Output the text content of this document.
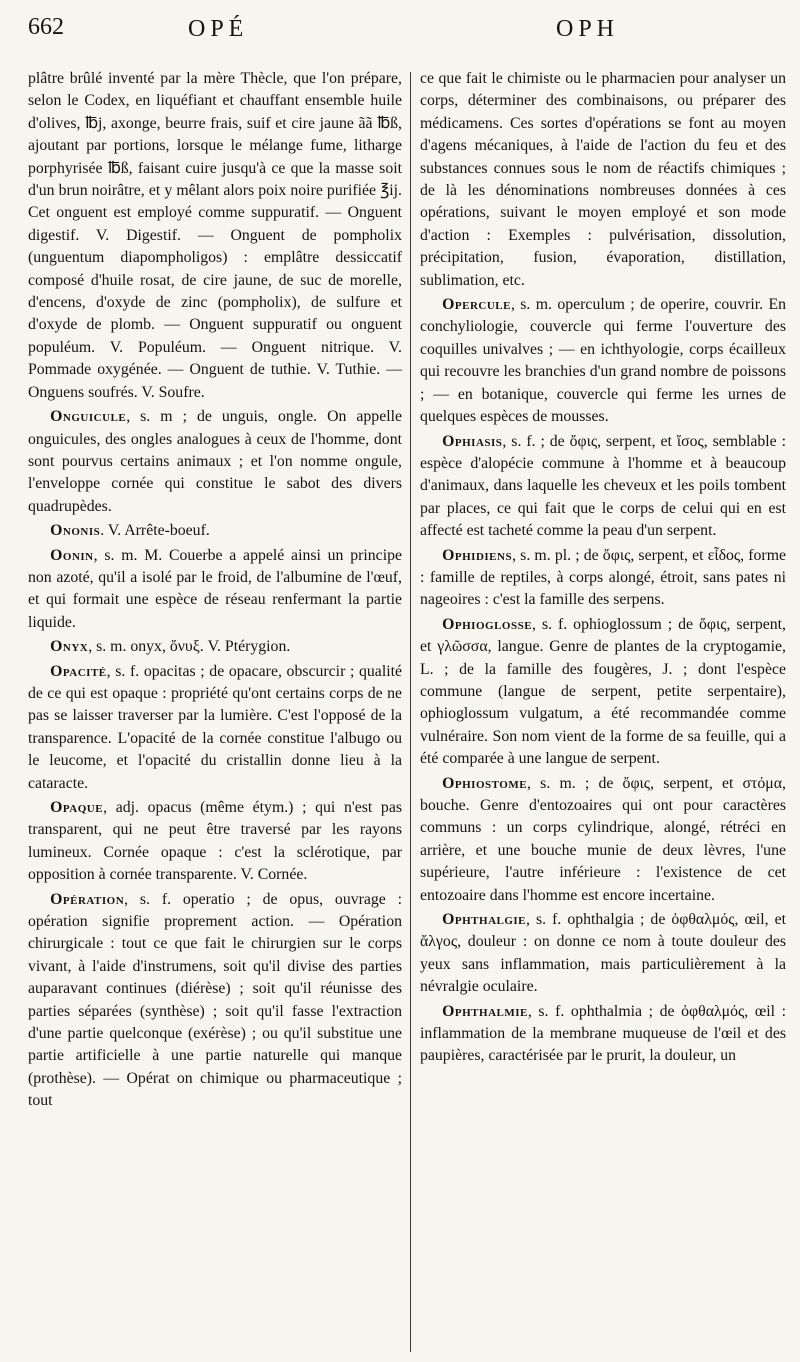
662	OPÉ	OPH

plâtre brûlé inventé par la mère Thècle, que l'on prépare, selon le Codex, en liquéfiant et chauffant ensemble huile d'olives, ℔j, axonge, beurre frais, suif et cire jaune ãã ℔ß, ajoutant par portions, lorsque le mélange fume, litharge porphyrisée ℔ß, faisant cuire jusqu'à ce que la masse soit d'un brun noirâtre, et y mêlant alors poix noire purifiée ℥ij. Cet onguent est employé comme suppuratif. — Onguent digestif. V. Digestif. — Onguent de pompholix (unguentum diapompholigos) : emplâtre dessiccatif composé d'huile rosat, de cire jaune, de suc de morelle, d'encens, d'oxyde de zinc (pompholix), de sulfure et d'oxyde de plomb. — Onguent suppuratif ou onguent populéum. V. Populéum. — Onguent nitrique. V. Pommade oxygénée. — Onguent de tuthie. V. Tuthie. — Onguens soufrés. V. Soufre.

Onguicule, s. m ; de unguis, ongle. On appelle onguicules, des ongles analogues à ceux de l'homme, dont sont pourvus certains animaux ; et l'on nomme ongule, l'enveloppe cornée qui constitue le sabot des divers quadrupèdes.

Ononis. V. Arrête-boeuf.

Oonin, s. m. M. Couerbe a appelé ainsi un principe non azoté, qu'il a isolé par le froid, de l'albumine de l'œuf, et qui formait une espèce de réseau renfermant la partie liquide.

Onyx, s. m. onyx, ὄνυξ. V. Ptérygion.

Opacité, s. f. opacitas ; de opacare, obscurcir ; qualité de ce qui est opaque : propriété qu'ont certains corps de ne pas se laisser traverser par la lumière. C'est l'opposé de la transparence. L'opacité de la cornée constitue l'albugo ou le leucome, et l'opacité du cristallin donne lieu à la cataracte.

Opaque, adj. opacus (même étym.) ; qui n'est pas transparent, qui ne peut être traversé par les rayons lumineux. Cornée opaque : c'est la sclérotique, par opposition à cornée transparente. V. Cornée.

Opération, s. f. operatio ; de opus, ouvrage : opération signifie proprement action. — Opération chirurgicale : tout ce que fait le chirurgien sur le corps vivant, à l'aide d'instrumens, soit qu'il divise des parties auparavant continues (diérèse) ; soit qu'il réunisse des parties séparées (synthèse) ; soit qu'il fasse l'extraction d'une partie quelconque (exérèse) ; ou qu'il substitue une partie artificielle à une partie naturelle qui manque (prothèse). — Opérat on chimique ou pharmaceutique ; tout

ce que fait le chimiste ou le pharmacien pour analyser un corps, déterminer des combinaisons, ou préparer des médicamens. Ces sortes d'opérations se font au moyen d'agens mécaniques, à l'aide de l'action du feu et des substances connues sous le nom de réactifs chimiques ; de là les dénominations nombreuses données à ces opérations, suivant le moyen employé et son mode d'action : Exemples : pulvérisation, dissolution, précipitation, fusion, évaporation, distillation, sublimation, etc.

Opercule, s. m. operculum ; de operire, couvrir. En conchyliologie, couvercle qui ferme l'ouverture des coquilles univalves ; — en ichthyologie, corps écailleux qui recouvre les branchies d'un grand nombre de poissons ; — en botanique, couvercle qui ferme les urnes de quelques espèces de mousses.

Ophiasis, s. f. ; de ὄφις, serpent, et ἴσος, semblable : espèce d'alopécie commune à l'homme et à beaucoup d'animaux, dans laquelle les cheveux et les poils tombent par places, ce qui fait que le corps de celui qui en est affecté est tacheté comme la peau d'un serpent.

Ophidiens, s. m. pl. ; de ὄφις, serpent, et εἶδος, forme : famille de reptiles, à corps alongé, étroit, sans pates ni nageoires : c'est la famille des serpens.

Ophioglosse, s. f. ophioglossum ; de ὄφις, serpent, et γλῶσσα, langue. Genre de plantes de la cryptogamie, L. ; de la famille des fougères, J. ; dont l'espèce commune (langue de serpent, petite serpentaire), ophioglossum vulgatum, a été recommandée comme vulnéraire. Son nom vient de la forme de sa feuille, qui a été comparée à une langue de serpent.

Ophiostome, s. m. ; de ὄφις, serpent, et στόμα, bouche. Genre d'entozoaires qui ont pour caractères communs : un corps cylindrique, alongé, rétréci en arrière, et une bouche munie de deux lèvres, l'une supérieure, l'autre inférieure : l'existence de cet entozoaire dans l'homme est encore incertaine.

Ophthalgie, s. f. ophthalgia ; de ὀφθαλμός, œil, et ἄλγος, douleur : on donne ce nom à toute douleur des yeux sans inflammation, mais particulièrement à la névralgie oculaire.

Ophthalmie, s. f. ophthalmia ; de ὀφθαλμός, œil : inflammation de la membrane muqueuse de l'œil et des paupières, caractérisée par le prurit, la douleur, un
